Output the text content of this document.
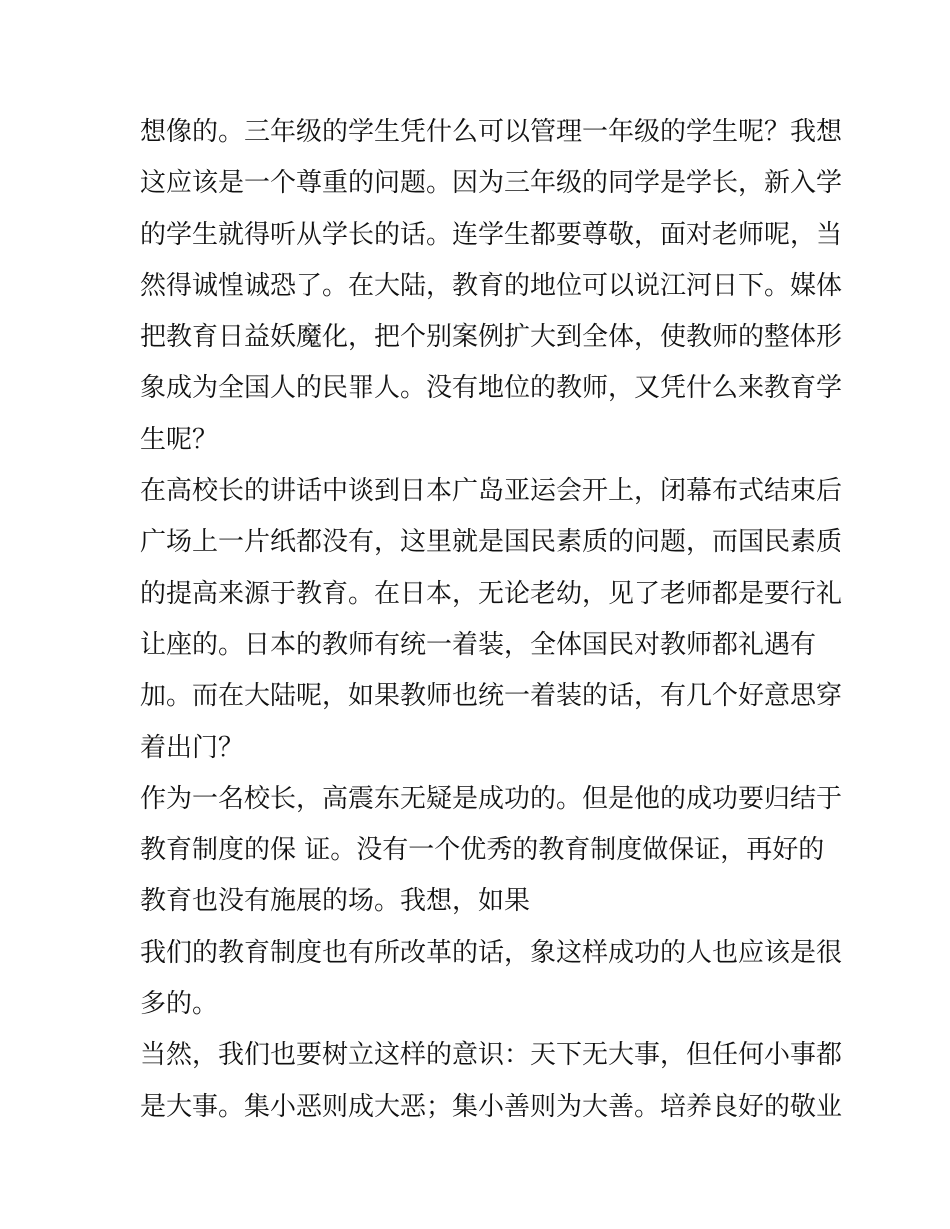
想像的。三年级的学生凭什么可以管理一年级的学生呢？我想
这应该是一个尊重的问题。因为三年级的同学是学长，新入学
的学生就得听从学长的话。连学生都要尊敬，面对老师呢，当
然得诚惶诚恐了。在大陆，教育的地位可以说江河日下。媒体
把教育日益妖魔化，把个别案例扩大到全体，使教师的整体形
象成为全国人的民罪人。没有地位的教师，又凭什么来教育学
生呢？
在高校长的讲话中谈到日本广岛亚运会开上，闭幕布式结束后
广场上一片纸都没有，这里就是国民素质的问题，而国民素质
的提高来源于教育。在日本，无论老幼，见了老师都是要行礼
让座的。日本的教师有统一着装，全体国民对教师都礼遇有
加。而在大陆呢，如果教师也统一着装的话，有几个好意思穿
着出门？
作为一名校长，高震东无疑是成功的。但是他的成功要归结于
教育制度的保 证。没有一个优秀的教育制度做保证，再好的
教育也没有施展的场。我想，如果
我们的教育制度也有所改革的话，象这样成功的人也应该是很
多的。
当然，我们也要树立这样的意识：天下无大事，但任何小事都
是大事。集小恶则成大恶；集小善则为大善。培养良好的敬业
